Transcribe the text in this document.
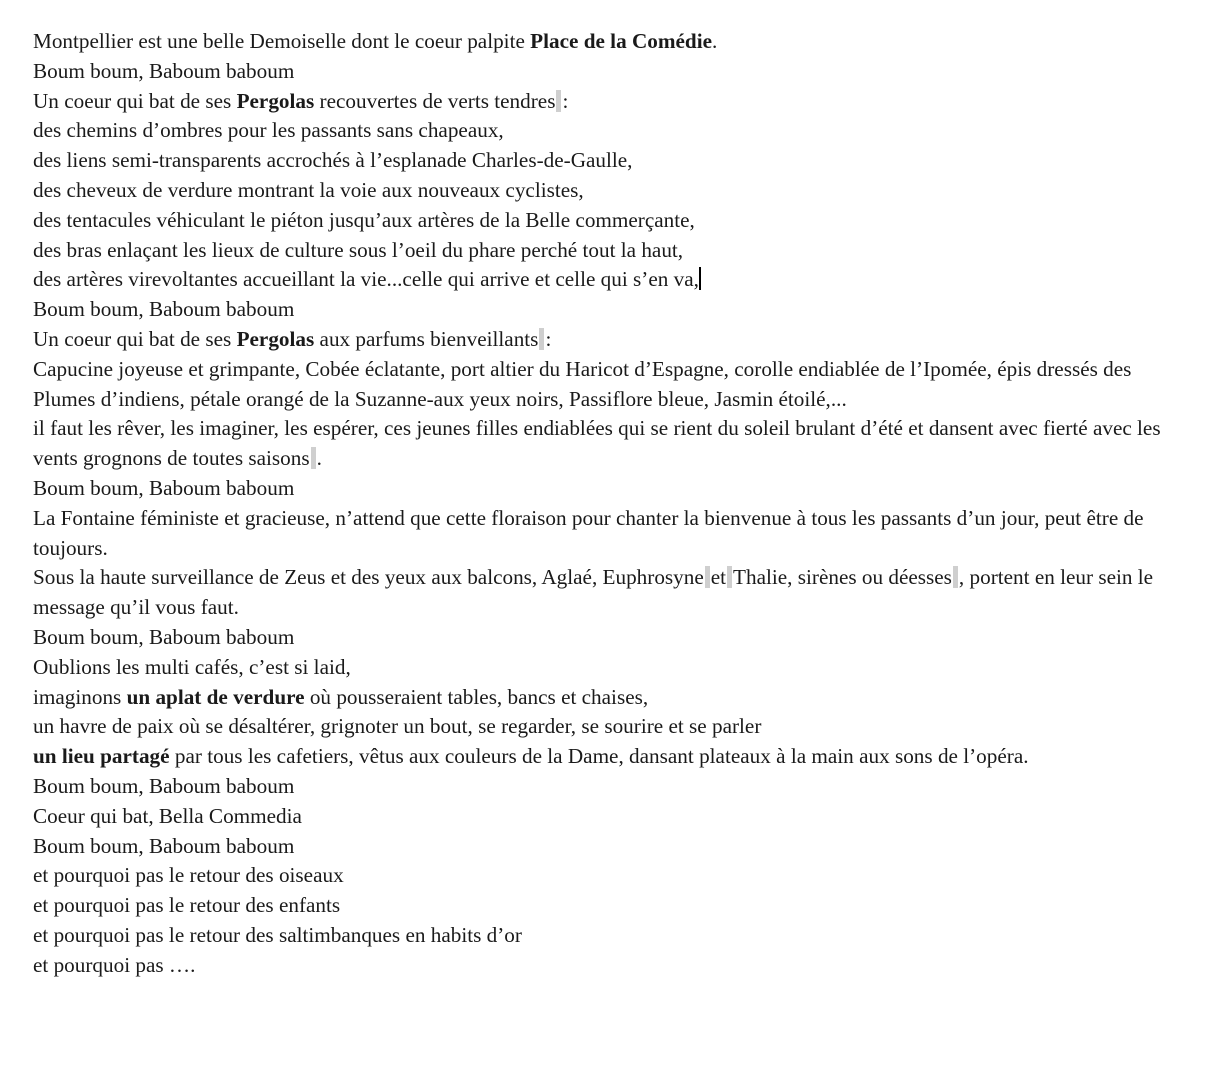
Montpellier est une belle Demoiselle dont le coeur palpite Place de la Comédie.
Boum boum, Baboum baboum
Un coeur qui bat de ses Pergolas recouvertes de verts tendres :
des chemins d’ombres pour les passants sans chapeaux,
des liens semi-transparents accrochés à l’esplanade Charles-de-Gaulle,
des cheveux de verdure montrant la voie aux nouveaux cyclistes,
des tentacules véhiculant le piéton jusqu’aux artères de la Belle commerçante,
des bras enlaçant les lieux de culture sous l’oeil du phare perché tout la haut,
des artères virevoltantes accueillant la vie...celle qui arrive et celle qui s’en va,
Boum boum, Baboum baboum
Un coeur qui bat de ses Pergolas aux parfums bienveillants :
Capucine joyeuse et grimpante, Cobée éclatante, port altier du Haricot d’Espagne, corolle endiablée de l’Ipomée, épis dressés des Plumes d’indiens, pétale orangé de la Suzanne-aux yeux noirs, Passiflore bleue, Jasmin étoilé,...
il faut les rêver, les imaginer, les espérer, ces jeunes filles endiablées qui se rient du soleil brulant d’été et dansent avec fierté avec les vents grognons de toutes saisons .
Boum boum, Baboum baboum
La Fontaine féministe et gracieuse, n’attend que cette floraison pour chanter la bienvenue à tous les passants d’un jour, peut être de toujours.
Sous la haute surveillance de Zeus et des yeux aux balcons, Aglaé, Euphrosyne et Thalie, sirènes ou déesses , portent en leur sein le message qu’il vous faut.
Boum boum, Baboum baboum
Oublions les multi cafés, c’est si laid,
imaginons un aplat de verdure où pousseraient tables, bancs et chaises,
un havre de paix où se désaltérer, grignoter un bout, se regarder, se sourire et se parler
un lieu partagé par tous les cafetiers, vêtus aux couleurs de la Dame, dansant plateaux à la main aux sons de l’opéra.
Boum boum, Baboum baboum
Coeur qui bat, Bella Commedia
Boum boum, Baboum baboum
et pourquoi pas le retour des oiseaux
et pourquoi pas le retour des enfants
et pourquoi pas le retour des saltimbanques en habits d’or
et pourquoi pas ….
